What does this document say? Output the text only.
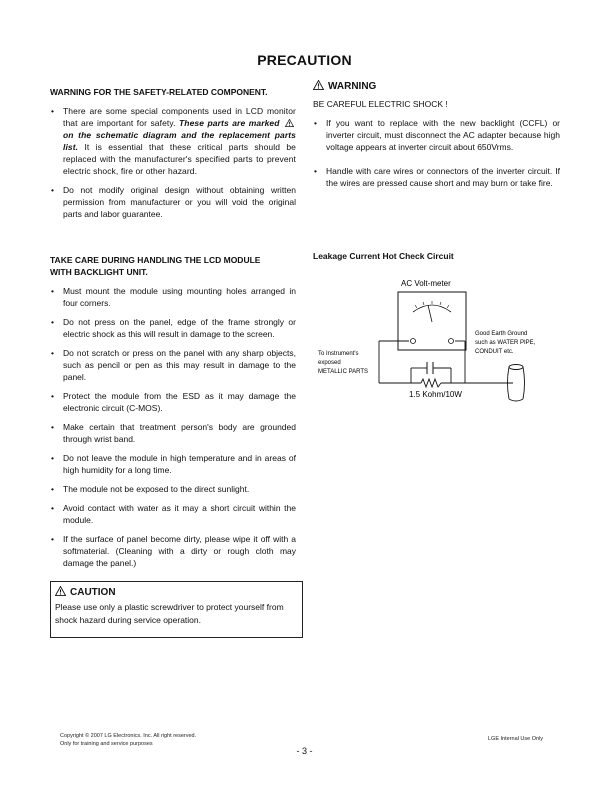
PRECAUTION
WARNING FOR THE SAFETY-RELATED COMPONENT.
• There are some special components used in LCD monitor that are important for safety. These parts are marked  on the schematic diagram and the replacement parts list. It is essential that these critical parts should be replaced with the manufacturer's specified parts to prevent electric shock, fire or other hazard.
• Do not modify original design without obtaining written permission from manufacturer or you will void the original parts and labor guarantee.
TAKE CARE DURING HANDLING THE LCD MODULE
WITH BACKLIGHT UNIT.
• Must mount the module using mounting holes arranged in four corners.
• Do not press on the panel, edge of the frame strongly or electric shock as this will result in damage to the screen.
• Do not scratch or press on the panel with any sharp objects, such as pencil or pen as this may result in damage to the panel.
• Protect the module from the ESD as it may damage the electronic circuit (C-MOS).
• Make certain that treatment person's body are grounded through wrist band.
• Do not leave the module in high temperature and in areas of high humidity for a long time.
• The module not be exposed to the direct sunlight.
• Avoid contact with water as it may a short circuit within the module.
• If the surface of panel become dirty, please wipe it off with a softmaterial. (Cleaning with a dirty or rough cloth may damage the panel.)
CAUTION
Please use only a plastic screwdriver to protect yourself from shock hazard during service operation.
WARNING
BE CAREFUL ELECTRIC SHOCK !
• If you want to replace with the new backlight (CCFL) or inverter circuit, must disconnect the AC adapter because high voltage appears at inverter circuit about 650Vrms.
• Handle with care wires or connectors of the inverter circuit. If the wires are pressed cause short and may burn or take fire.
Leakage Current Hot Check Circuit
AC Volt-meter
1.5 Kohm/10W
To Instrument's
exposed
METALLIC PARTS
Good Earth Ground
such as WATER PIPE,
CONDUIT etc.
Copyright © 2007 LG Electronics. Inc. All right reserved.
Only for training and service purposes
LGE Internal Use Only
- 3 -
